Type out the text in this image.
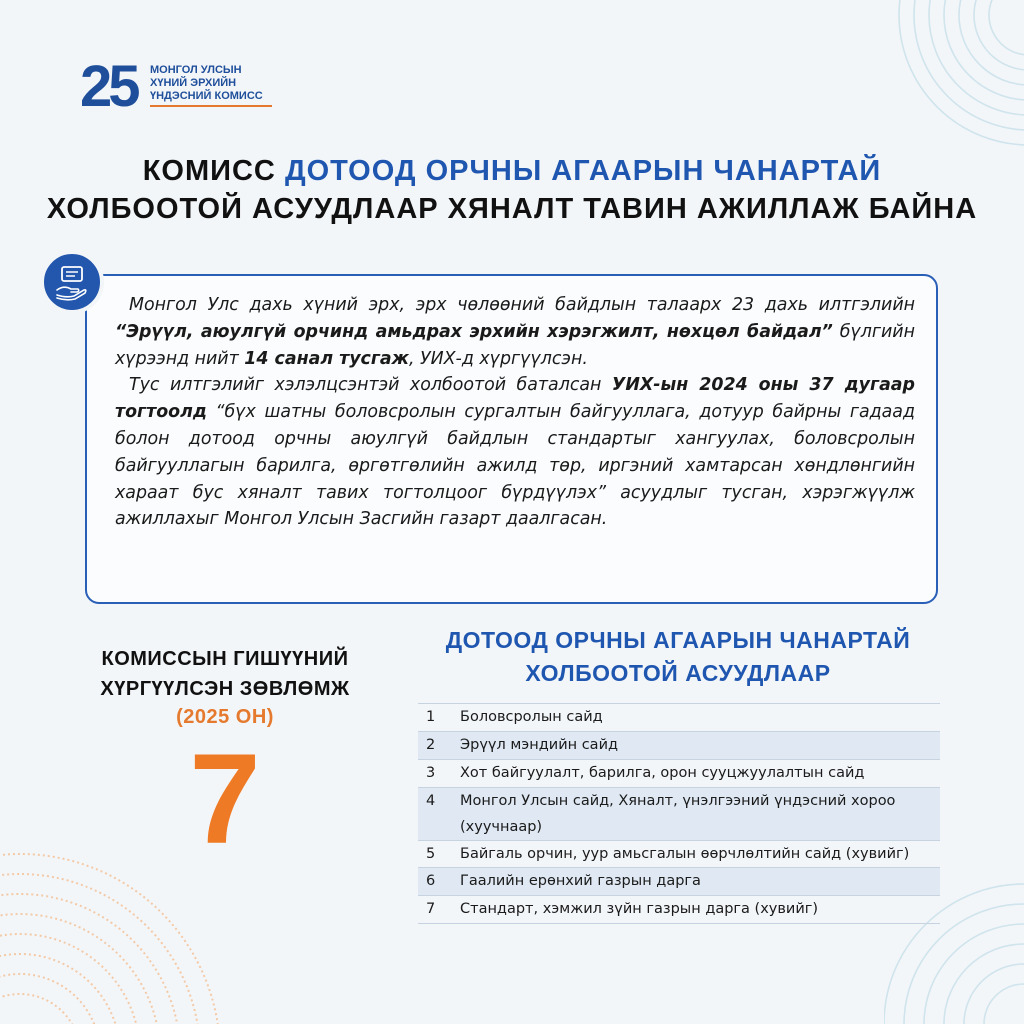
25 МОНГОЛ УЛСЫН
ХҮНИЙ ЭРХИЙН
ҮНДЭСНИЙ КОМИСС
КОМИСС ДОТООД ОРЧНЫ АГААРЫН ЧАНАРТАЙ
ХОЛБООТОЙ АСУУДЛААР ХЯНАЛТ ТАВИН АЖИЛЛАЖ БАЙНА

Монгол Улс дахь хүний эрх, эрх чөлөөний байдлын талаарх 23 дахь илтгэлийн “Эрүүл, аюулгүй орчинд амьдрах эрхийн хэрэгжилт, нөхцөл байдал” бүлгийн хүрээнд нийт 14 санал тусгаж, УИХ-д хүргүүлсэн.

Тус илтгэлийг хэлэлцсэнтэй холбоотой баталсан УИХ-ын 2024 оны 37 дугаар тогтоолд “бүх шатны боловсролын сургалтын байгууллага, дотуур байрны гадаад болон дотоод орчны аюулгүй байдлын стандартыг хангуулах, боловсролын байгууллагын барилга, өргөтгөлийн ажилд төр, иргэний хамтарсан хөндлөнгийн хараат бус хяналт тавих тогтолцоог бүрдүүлэх” асуудлыг тусган, хэрэгжүүлж ажиллахыг Монгол Улсын Засгийн газарт даалгасан.

КОМИССЫН ГИШҮҮНИЙ
ХҮРГҮҮЛСЭН ЗӨВЛӨМЖ
(2025 ОН)
7
ДОТООД ОРЧНЫ АГААРЫН ЧАНАРТАЙ
ХОЛБООТОЙ АСУУДЛААР
1	Боловсролын сайд
2	Эрүүл мэндийн сайд
3	Хот байгуулалт, барилга, орон сууцжуулалтын сайд
4	Монгол Улсын сайд, Хяналт, үнэлгээний үндэсний хороо (хуучнаар)
5	Байгаль орчин, уур амьсгалын өөрчлөлтийн сайд (хувийг)
6	Гаалийн ерөнхий газрын дарга
7	Стандарт, хэмжил зүйн газрын дарга (хувийг)
